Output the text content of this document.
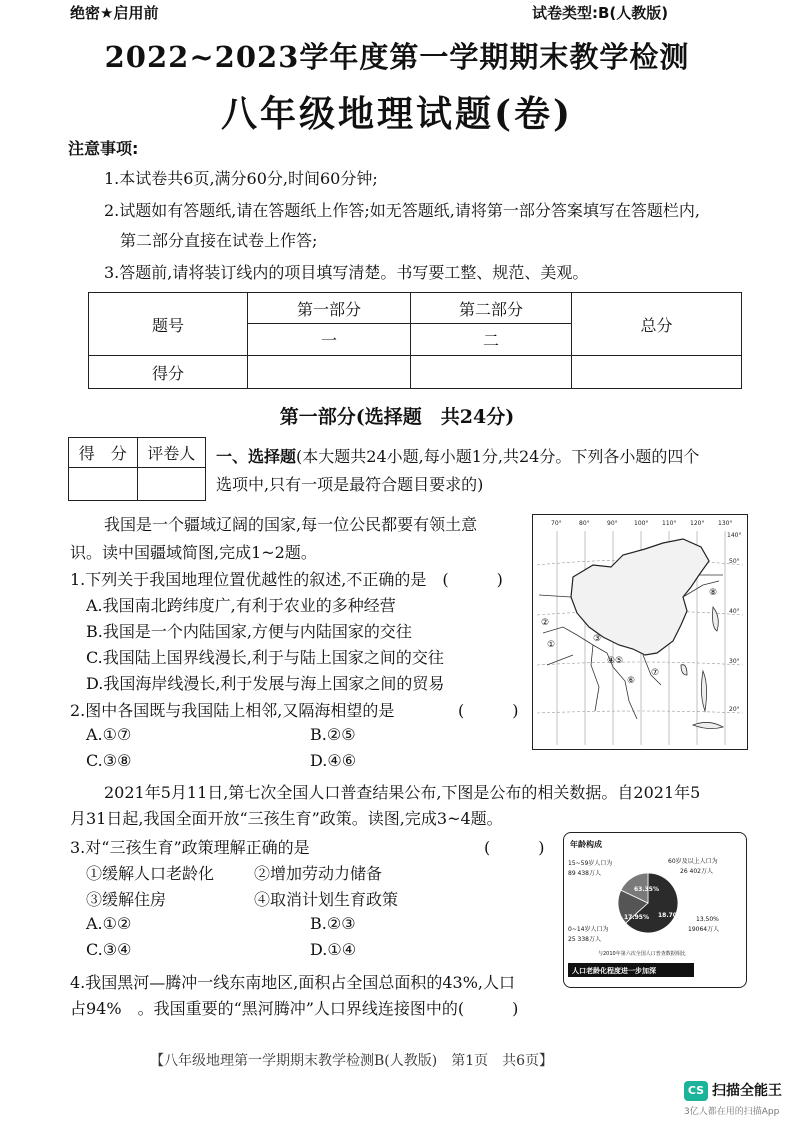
绝密★启用前	试卷类型:B(人教版)
2022~2023学年度第一学期期末教学检测
八年级地理试题(卷)
注意事项:
1.本试卷共6页,满分60分,时间60分钟;
2.试题如有答题纸,请在答题纸上作答;如无答题纸,请将第一部分答案填写在答题栏内,
第二部分直接在试卷上作答;
3.答题前,请将装订线内的项目填写清楚。书写要工整、规范、美观。
题号	第一部分	第二部分	总分
	一	二	
得分			
第一部分(选择题　共24分)
得　分	评卷人
	一、选择题(本大题共24小题,每小题1分,共24分。下列各小题的四个
选项中,只有一项是最符合题目要求的)
我国是一个疆域辽阔的国家,每一位公民都要有领土意
识。读中国疆域简图,完成1~2题。
1.下列关于我国地理位置优越性的叙述,不正确的是　(　　　)
A.我国南北跨纬度广,有利于农业的多种经营
B.我国是一个内陆国家,方便与内陆国家的交往
C.我国陆上国界线漫长,利于与陆上国家之间的交往
D.我国海岸线漫长,利于发展与海上国家之间的贸易
2.图中各国既与我国陆上相邻,又隔海相望的是	(　　　)
A.①⑦	B.②⑤
C.③⑧	D.④⑥
70°	80°	90°	100° 110° 120° 130°
140°
50°
40°
30°
20°
①
②
③
④ ⑤
⑥
⑦
⑧
2021年5月11日,第七次全国人口普查结果公布,下图是公布的相关数据。自2021年5
月31日起,我国全面开放“三孩生育”政策。读图,完成3~4题。
3.对“三孩生育”政策理解正确的是	(　　　)
①缓解人口老龄化 ②增加劳动力储备
③缓解住房	④取消计划生育政策
A.①②	B.②③
C.③④	D.①④
年龄构成
15~59岁人口为
89 438万人
60岁及以上人口为
26 402万人
0~14岁人口为
25 338万人
13.50%
19064万人
与2010年第六次全国人口普查数据相比
63.35%
18.70%
17.95%
人口老龄化程度进一步加深
4.我国黑河—腾冲一线东南地区,面积占全国总面积的43%,人口
占94%　。我国重要的“黑河腾冲”人口界线连接图中的(　　　)
【八年级地理第一学期期末教学检测B(人教版)　第1页　共6页】
CS 扫描全能王
3亿人都在用的扫描App
